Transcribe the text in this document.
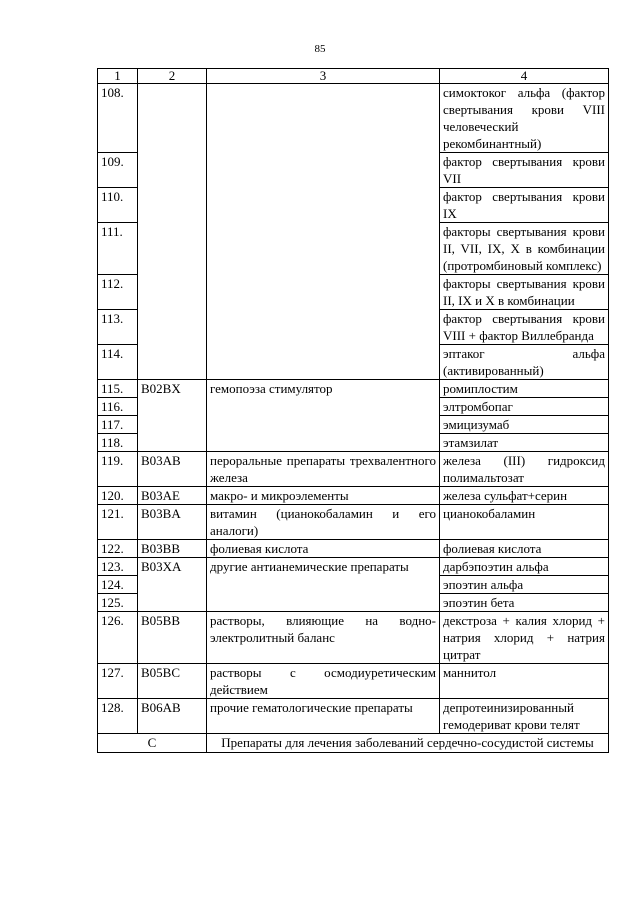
85
1	2	3	4
108.			симоктоког альфа (фактор свертывания крови VIII человеческий рекомбинантный)
109.			фактор свертывания крови VII
110.			фактор свертывания крови IX
111.			факторы свертывания крови II, VII, IX, X в комбинации (протромбиновый комплекс)
112.			факторы свертывания крови II, IX и X в комбинации
113.			фактор свертывания крови VIII + фактор Виллебранда
114.			эптаког альфа (активированный)
115.	B02BX	гемопоэза стимулятор	ромиплостим
116.			элтромбопаг
117.			эмицизумаб
118.			этамзилат
119.	B03AB	пероральные препараты трехвалентного железа	железа (III) гидроксид полимальтозат
120.	B03AE	макро- и микроэлементы	железа сульфат+серин
121.	B03BA	витамин (цианокобаламин и его аналоги)	цианокобаламин
122.	B03BB	фолиевая кислота	фолиевая кислота
123.	B03XA	другие антианемические препараты	дарбэпоэтин альфа
124.			эпоэтин альфа
125.			эпоэтин бета
126.	B05BB	растворы, влияющие на водно-электролитный баланс	декстроза + калия хлорид + натрия хлорид + натрия цитрат
127.	B05BC	растворы с осмодиуретическим действием	маннитол
128.	B06AB	прочие гематологические препараты	депротеинизированный гемодериват крови телят
C		Препараты для лечения заболеваний сердечно-сосудистой системы	
